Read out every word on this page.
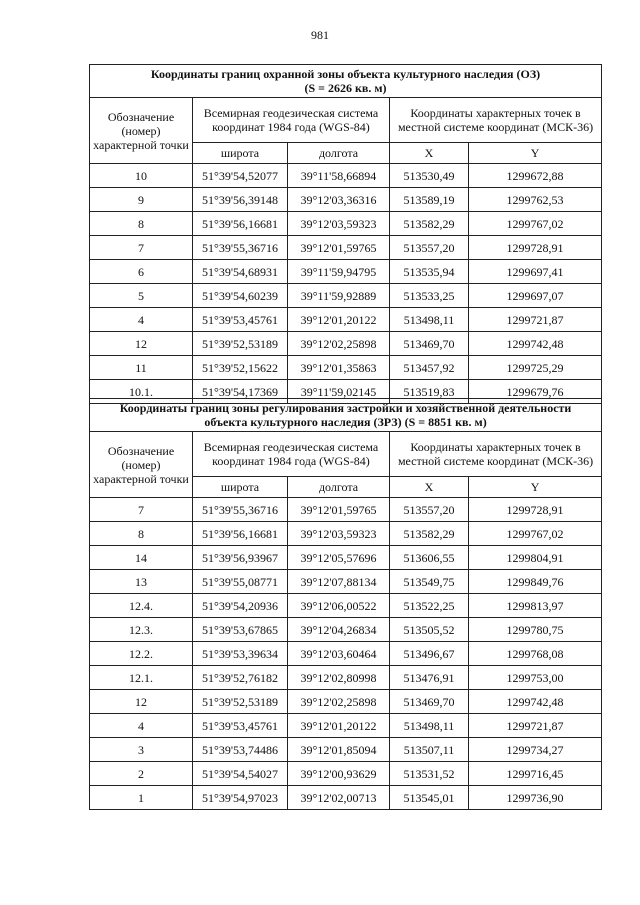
981
Координаты границ охранной зоны объекта культурного наследия (ОЗ)
(S = 2626 кв. м)				

Обозначение (номер) характерной точки	Всемирная геодезическая система координат 1984 года (WGS-84)		Координаты характерных точек в местной системе координат (МСК-36)	
	широта	долгота	X	Y
10	51°39'54,52077	39°11'58,66894	513530,49	1299672,88
9	51°39'56,39148	39°12'03,36316	513589,19	1299762,53
8	51°39'56,16681	39°12'03,59323	513582,29	1299767,02
7	51°39'55,36716	39°12'01,59765	513557,20	1299728,91
6	51°39'54,68931	39°11'59,94795	513535,94	1299697,41
5	51°39'54,60239	39°11'59,92889	513533,25	1299697,07
4	51°39'53,45761	39°12'01,20122	513498,11	1299721,87
12	51°39'52,53189	39°12'02,25898	513469,70	1299742,48
11	51°39'52,15622	39°12'01,35863	513457,92	1299725,29
10.1.	51°39'54,17369	39°11'59,02145	513519,83	1299679,76
Координаты границ зоны регулирования застройки и хозяйственной деятельности
объекта культурного наследия (ЗРЗ) (S = 8851 кв. м)				

Обозначение (номер) характерной точки	Всемирная геодезическая система координат 1984 года (WGS-84)		Координаты характерных точек в местной системе координат (МСК-36)	
	широта	долгота	X	Y
7	51°39'55,36716	39°12'01,59765	513557,20	1299728,91
8	51°39'56,16681	39°12'03,59323	513582,29	1299767,02
14	51°39'56,93967	39°12'05,57696	513606,55	1299804,91
13	51°39'55,08771	39°12'07,88134	513549,75	1299849,76
12.4.	51°39'54,20936	39°12'06,00522	513522,25	1299813,97
12.3.	51°39'53,67865	39°12'04,26834	513505,52	1299780,75
12.2.	51°39'53,39634	39°12'03,60464	513496,67	1299768,08
12.1.	51°39'52,76182	39°12'02,80998	513476,91	1299753,00
12	51°39'52,53189	39°12'02,25898	513469,70	1299742,48
4	51°39'53,45761	39°12'01,20122	513498,11	1299721,87
3	51°39'53,74486	39°12'01,85094	513507,11	1299734,27
2	51°39'54,54027	39°12'00,93629	513531,52	1299716,45
1	51°39'54,97023	39°12'02,00713	513545,01	1299736,90
